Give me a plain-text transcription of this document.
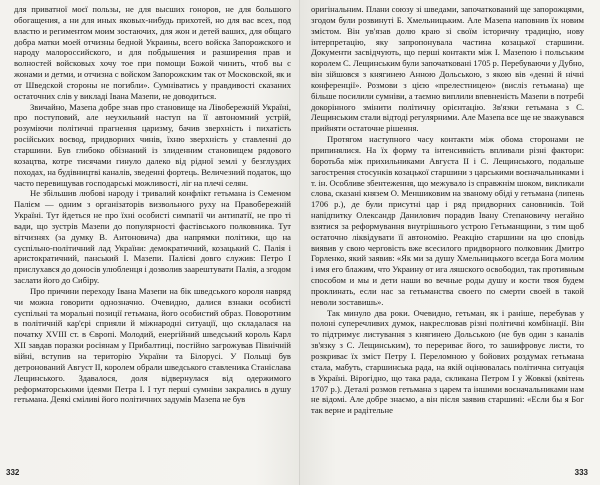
для приватної моєї пользы, не для высших гоноров, не для большого обогащения, а ни для иных яковых-нибудь прихотей, но для вас всех, под властю и региментом моим зостаючих, для жон и детей ваших, для общаго добра матки моей отчизны бедной Украины, всего войска Запорожского и народу малороссийского, и для побдышения и разширения прав и волностей войсковых хочу тое при помощи Божой чинить, чтоб вы с жонами и детми, и отчизна с войском Запорожским так от Московской, як и от Шведской стороны не погибли». Сумніватись у правдивості сказаних остаточних слів у викладі Івана Мазепи, не доводиться.

Звичайно, Мазепа добре знав про становище на Лівобережній Україні, про поступовий, але неухильний наступ на її автономний устрій, розуміючи політичні прагнення царизму, бачив зверхність і пихатість російських воєвод, придворних чинів, їхню зверхність у ставленні до старшини. Був глибоко обізнаний із злиденним становищем рядового козацтва, котре тисячами гинуло далеко від рідної землі у безглуздих походах, на будівництві каналів, зведенні фортець. Величезний податок, що часто перевищував господарські можливості, ліг на плечі селян.

Не збільшив любові народу і тривалий конфлікт гетьмана із Семеном Палієм — одним з організаторів визвольного руху на Правобережній Україні. Тут йдеться не про їхні особисті симпатії чи антипатії, не про ті вади, що зустрів Мазепи до популярності фастівського полковника. Тут вітчизнях (за думку В. Антоновича) два напрямки політики, що на суспільно-політичний лад України: демократичний, козацький С. Палія і аристократичний, панський І. Мазепи. Палієві довго служив: Петро І прислухався до доносів улюбленця і дозволив заарештувати Палія, а згодом заслати його до Сибіру.

Про причини переходу Івана Мазепи на бік шведського короля навряд чи можна говорити однозначно. Очевидно, далися взнаки особисті суспільні та моральні позиції гетьмана, його особистий образ. Поворотним в політичній кар'єрі сприяли й міжнародні ситуації, що складалася на початку XVIII ст. в Європі. Молодий, енергійний шведський король Карл XII завдав поразки росіянам у Прибалтиці, постійно загрожував Північній війні, вступив на територію України та Білорусі. У Польщі був детронований Август II, королем обрали шведського ставленика Станіслава Лещинського. Здавалося, доля відвернулася від одержимого реформаторськими ідеями Петра І. І тут перші сумніви закрались в душу гетьмана. Деякі сміливі його політичних задумів Мазепа не був

332

оригінальним. Плани союзу зі шведами, започаткований ще запорожцями, згодом були розвинуті Б. Хмельницьким. Але Мазепа наповнив їх новим змістом. Він ув'язав долю краю зі своїм історичну традицію, нову інтерпретацію, яку запропонувала частина козацької старшини. Документи засвідчують, що перші контакти між І. Мазепою і польським королем С. Лещинським були започатковані 1705 р. Перебуваючи у Дубно, він зійшовся з княгинею Анною Дольською, з якою вів «денні й нічні конференції». Розмови з цією «прелестницею» (висліз гетьмана) ще більше посилили сумніви, а таємно виплили впевненість Мазепи в потребі докорінного змінити політичну орієнтацію. Зв'язки гетьмана з С. Лещинським стали відтоді регулярними. Але Мазепа все ще не зважувався прийняти остаточне рішення.

Протягом наступного часу контакти між обома сторонами не припинялися. На їх форму та інтенсивність впливали різні фактори: боротьба між прихильниками Августа ІІ і С. Лещинського, подальше загострення стосунків козацької старшини з царськими воєначальниками і т. ін. Особливе збентеження, що межувало із справжнім шоком, викликали слова, сказані князем О. Меншиковим на званому обіді у гетьмана (липень 1706 р.), де були присутні цар і ряд придворних сановників. Той напідпитку Олександр Данилович порадив Івану Степановичу негайно взятися за реформування внутрішнього устрою Гетьманщини, з тим щоб остаточно ліквідувати її автономію. Реакцію старшини на цю сповідь виявив у свою черговість вже всесилого придворного полковник Дмитро Горленко, який заявив: «Як ми за душу Хмельницького всегда Бога молим і имя его блажим, что Украину от ига ляшского освободил, так противным способом и мы и дети наши во вечные роды душу и кости твоя будем проклинать, если нас за гетьманства своего по смерти своей в такой неволи зоставишь».

Так минуло два роки. Очевидно, гетьман, як і раніше, перебував у полоні суперечливих думок, накреслював різні політичні комбінації. Він то підтримує листування з княгинею Дольською (не був один з каналів зв'язку з С. Лещинським), то перериває його, то зашифровує листи, то розкриває їх зміст Петру І. Переломною у бойових роздумах гетьмана стала, мабуть, старшинська рада, на якій оцінювалась політична ситуація в Україні. Вірогідно, що така рада, скликана Петром І у Жовкві (квітень 1707 р.). Деталі розмов гетьмана з царем та іншими воєначальниками нам не відомі. Але добре знаємо, а він після заявив старшині: «Если бы я Бог так верне и радітельне

333
